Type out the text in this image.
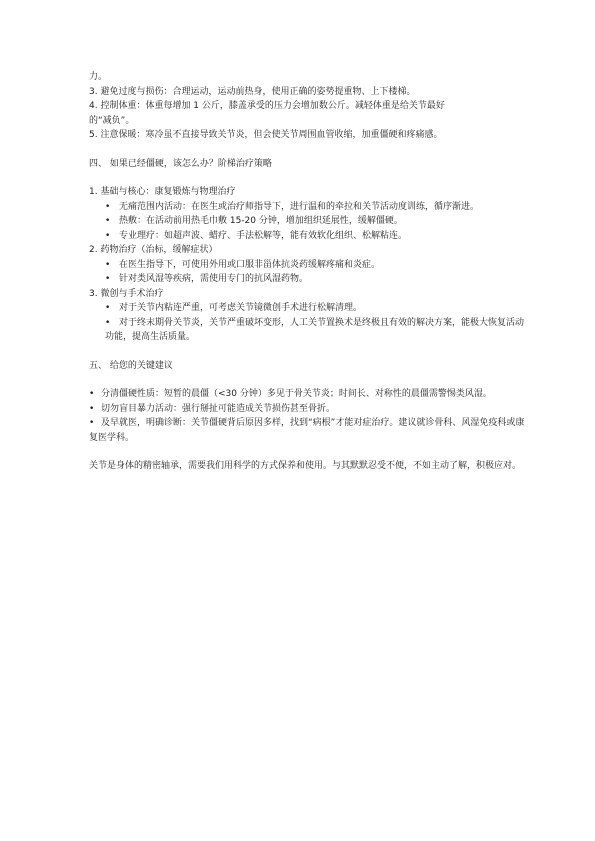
力。
3. 避免过度与损伤：合理运动，运动前热身，使用正确的姿势提重物、上下楼梯。
4. 控制体重：体重每增加 1 公斤，膝盖承受的压力会增加数公斤。减轻体重是给关节最好
的“减负”。
5. 注意保暖：寒冷虽不直接导致关节炎，但会使关节周围血管收缩，加重僵硬和疼痛感。
四、 如果已经僵硬，该怎么办？阶梯治疗策略
1. 基础与核心：康复锻炼与物理治疗
• 无痛范围内活动：在医生或治疗师指导下，进行温和的牵拉和关节活动度训练，循序渐进。
• 热敷：在活动前用热毛巾敷 15-20 分钟，增加组织延展性，缓解僵硬。
• 专业理疗：如超声波、蜡疗、手法松解等，能有效软化组织、松解粘连。
2. 药物治疗（治标，缓解症状）
• 在医生指导下，可使用外用或口服非甾体抗炎药缓解疼痛和炎症。
• 针对类风湿等疾病，需使用专门的抗风湿药物。
3. 微创与手术治疗
• 对于关节内粘连严重，可考虑关节镜微创手术进行松解清理。
• 对于终末期骨关节炎，关节严重破坏变形，人工关节置换术是终极且有效的解决方案，能极大恢复活动功能，提高生活质量。
五、 给您的关键建议
• 分清僵硬性质：短暂的晨僵（<30 分钟）多见于骨关节炎；时间长、对称性的晨僵需警惕类风湿。
• 切勿盲目暴力活动：强行掰扯可能造成关节损伤甚至骨折。
• 及早就医，明确诊断：关节僵硬背后原因多样，找到“病根”才能对症治疗。建议就诊骨科、风湿免疫科或康复医学科。
关节是身体的精密轴承，需要我们用科学的方式保养和使用。与其默默忍受不便，不如主动了解，积极应对。
